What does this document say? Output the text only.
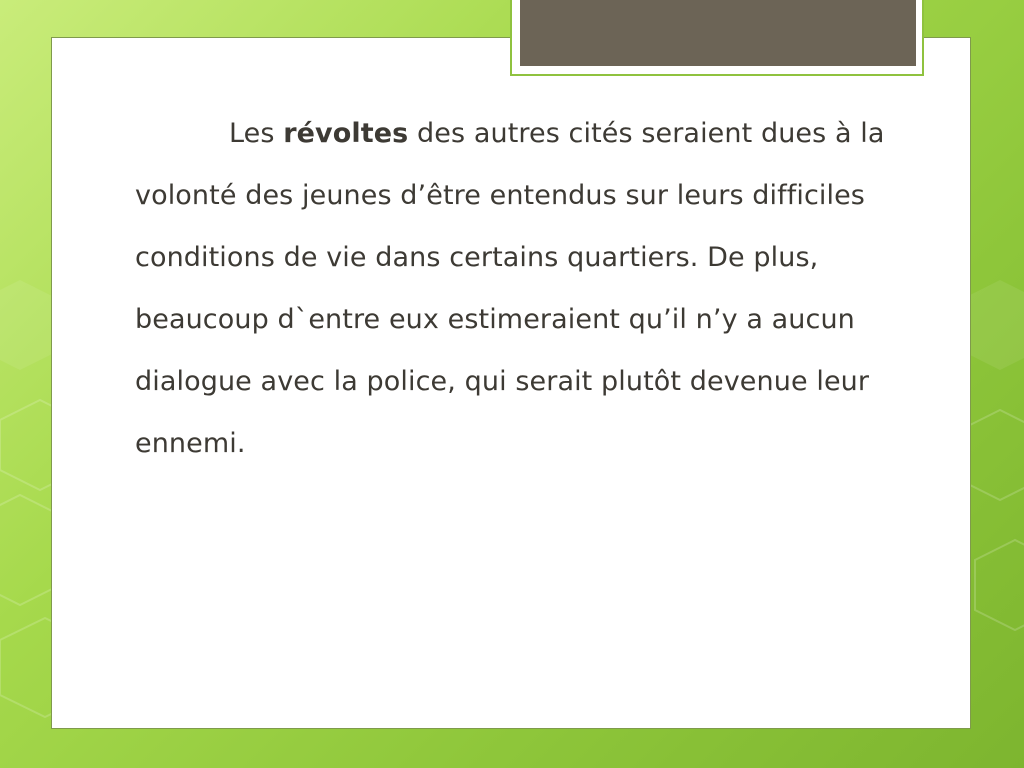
Les révoltes des autres cités seraient dues à la volonté des jeunes d’être entendus sur leurs difficiles conditions de vie dans certains quartiers. De plus, beaucoup d`entre eux estimeraient qu’il n’y a aucun dialogue avec la police, qui serait plutôt devenue leur ennemi.
